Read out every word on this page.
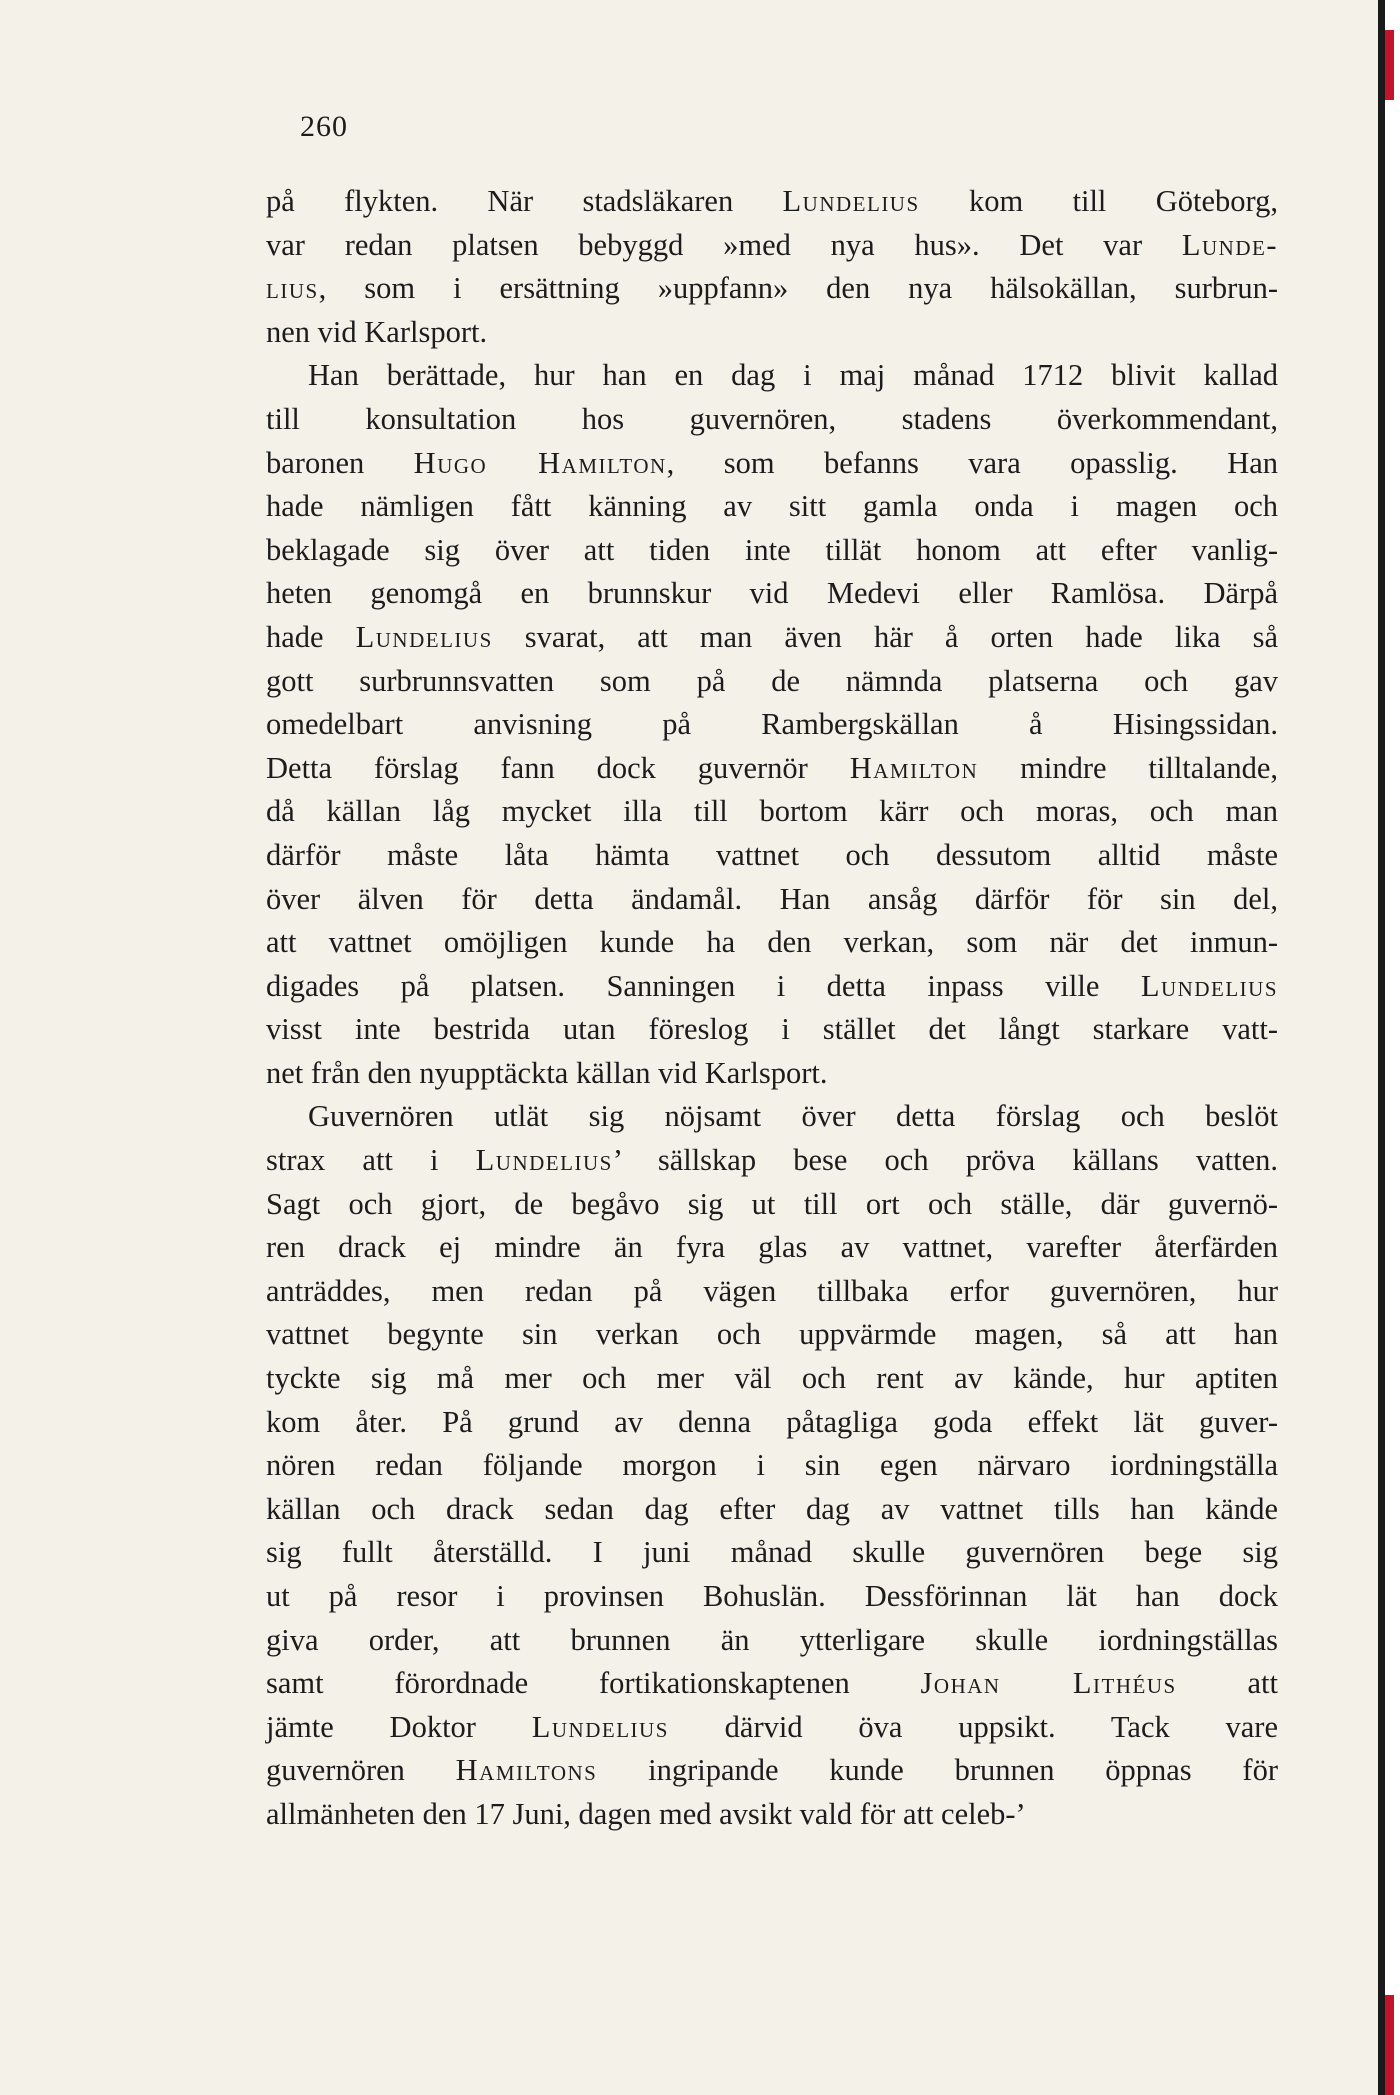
260
på flykten. När stadsläkaren Lundelius kom till Göteborg,
var redan platsen bebyggd »med nya hus». Det var Lunde-
lius, som i ersättning »uppfann» den nya hälsokällan, surbrun-
nen vid Karlsport.
Han berättade, hur han en dag i maj månad 1712 blivit kallad
till konsultation hos guvernören, stadens överkommendant,
baronen Hugo Hamilton, som befanns vara opasslig. Han
hade nämligen fått känning av sitt gamla onda i magen och
beklagade sig över att tiden inte tillät honom att efter vanlig-
heten genomgå en brunnskur vid Medevi eller Ramlösa. Därpå
hade Lundelius svarat, att man även här å orten hade lika så
gott surbrunnsvatten som på de nämnda platserna och gav
omedelbart anvisning på Rambergskällan å Hisingssidan.
Detta förslag fann dock guvernör Hamilton mindre tilltalande,
då källan låg mycket illa till bortom kärr och moras, och man
därför måste låta hämta vattnet och dessutom alltid måste
över älven för detta ändamål. Han ansåg därför för sin del,
att vattnet omöjligen kunde ha den verkan, som när det inmun-
digades på platsen. Sanningen i detta inpass ville Lundelius
visst inte bestrida utan föreslog i stället det långt starkare vatt-
net från den nyupptäckta källan vid Karlsport.
Guvernören utlät sig nöjsamt över detta förslag och beslöt
strax att i Lundelius’ sällskap bese och pröva källans vatten.
Sagt och gjort, de begåvo sig ut till ort och ställe, där guvernö-
ren drack ej mindre än fyra glas av vattnet, varefter återfärden
anträddes, men redan på vägen tillbaka erfor guvernören, hur
vattnet begynte sin verkan och uppvärmde magen, så att han
tyckte sig må mer och mer väl och rent av kände, hur aptiten
kom åter. På grund av denna påtagliga goda effekt lät guver-
nören redan följande morgon i sin egen närvaro iordningställa
källan och drack sedan dag efter dag av vattnet tills han kände
sig fullt återställd. I juni månad skulle guvernören bege sig
ut på resor i provinsen Bohuslän. Dessförinnan lät han dock
giva order, att brunnen än ytterligare skulle iordningställas
samt förordnade fortikationskaptenen Johan Lithéus att
jämte Doktor Lundelius därvid öva uppsikt. Tack vare
guvernören Hamiltons ingripande kunde brunnen öppnas för
allmänheten den 17 Juni, dagen med avsikt vald för att celeb-’
